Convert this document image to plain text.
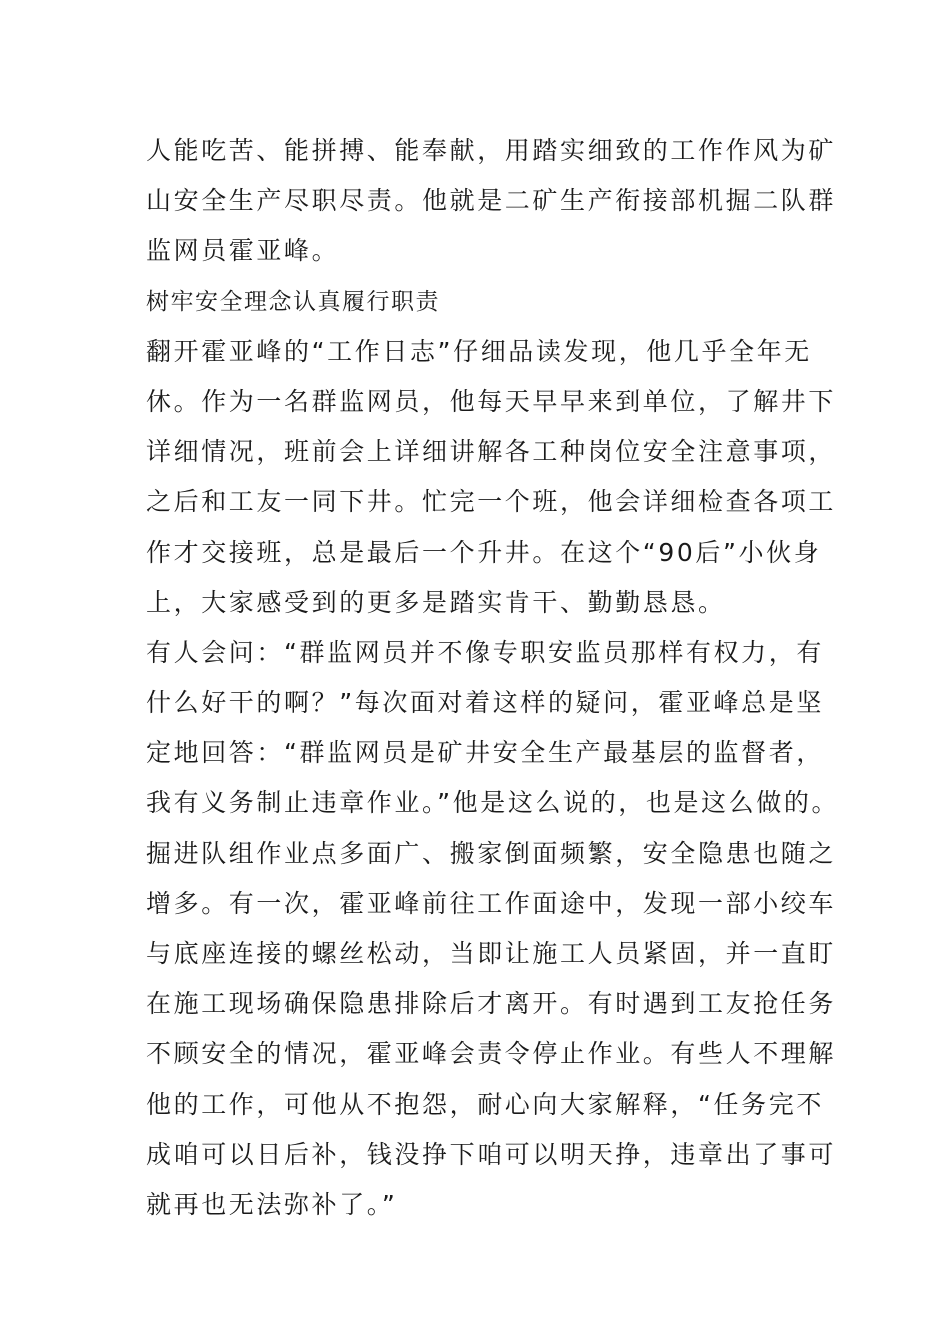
人能吃苦、能拼搏、能奉献，用踏实细致的工作作风为矿
山安全生产尽职尽责。他就是二矿生产衔接部机掘二队群
监网员霍亚峰。
树牢安全理念认真履行职责
翻开霍亚峰的“工作日志”仔细品读发现，他几乎全年无
休。作为一名群监网员，他每天早早来到单位，了解井下
详细情况，班前会上详细讲解各工种岗位安全注意事项，
之后和工友一同下井。忙完一个班，他会详细检查各项工
作才交接班，总是最后一个升井。在这个“90后”小伙身
上，大家感受到的更多是踏实肯干、勤勤恳恳。
有人会问：“群监网员并不像专职安监员那样有权力，有
什么好干的啊？”每次面对着这样的疑问，霍亚峰总是坚
定地回答：“群监网员是矿井安全生产最基层的监督者，
我有义务制止违章作业。”他是这么说的，也是这么做的。
掘进队组作业点多面广、搬家倒面频繁，安全隐患也随之
增多。有一次，霍亚峰前往工作面途中，发现一部小绞车
与底座连接的螺丝松动，当即让施工人员紧固，并一直盯
在施工现场确保隐患排除后才离开。有时遇到工友抢任务
不顾安全的情况，霍亚峰会责令停止作业。有些人不理解
他的工作，可他从不抱怨，耐心向大家解释，“任务完不
成咱可以日后补，钱没挣下咱可以明天挣，违章出了事可
就再也无法弥补了。”
